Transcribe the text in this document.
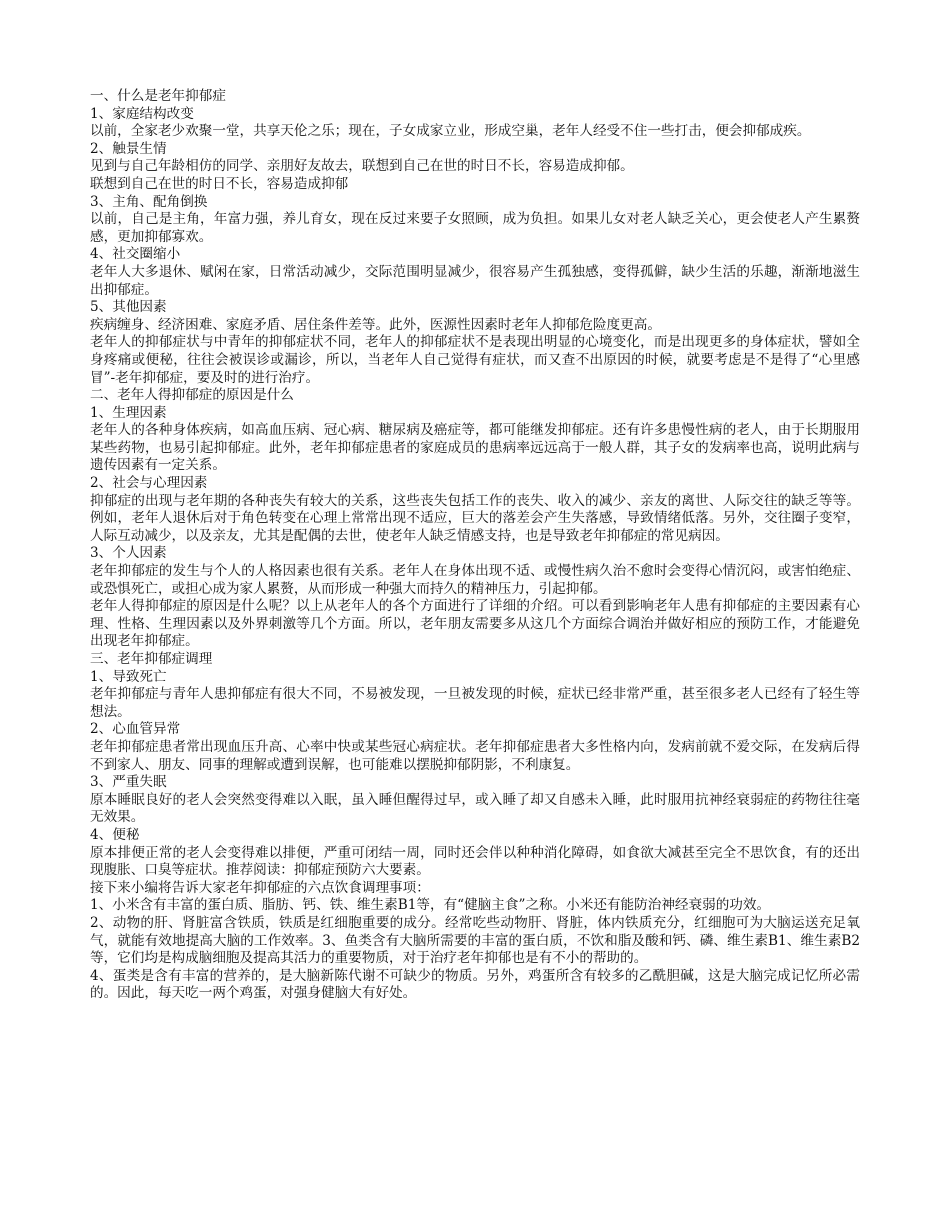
一、什么是老年抑郁症
1、家庭结构改变
以前，全家老少欢聚一堂，共享天伦之乐；现在，子女成家立业，形成空巢，老年人经受不住一些打击，便会抑郁成疾。
2、触景生情
见到与自己年龄相仿的同学、亲朋好友故去，联想到自己在世的时日不长，容易造成抑郁。
联想到自己在世的时日不长，容易造成抑郁
3、主角、配角倒换
以前，自己是主角，年富力强，养儿育女，现在反过来要子女照顾，成为负担。如果儿女对老人缺乏关心，更会使老人产生累赘感，更加抑郁寡欢。
4、社交圈缩小
老年人大多退休、赋闲在家，日常活动减少，交际范围明显减少，很容易产生孤独感，变得孤僻，缺少生活的乐趣，渐渐地滋生出抑郁症。
5、其他因素
疾病缠身、经济困难、家庭矛盾、居住条件差等。此外，医源性因素时老年人抑郁危险度更高。
老年人的抑郁症状与中青年的抑郁症状不同，老年人的抑郁症状不是表现出明显的心境变化，而是出现更多的身体症状，譬如全身疼痛或便秘，往往会被误诊或漏诊，所以，当老年人自己觉得有症状，而又查不出原因的时候，就要考虑是不是得了“心里感冒”-老年抑郁症，要及时的进行治疗。
二、老年人得抑郁症的原因是什么
1、生理因素
老年人的各种身体疾病，如高血压病、冠心病、糖尿病及癌症等，都可能继发抑郁症。还有许多患慢性病的老人，由于长期服用某些药物，也易引起抑郁症。此外，老年抑郁症患者的家庭成员的患病率远远高于一般人群，其子女的发病率也高，说明此病与遗传因素有一定关系。
2、社会与心理因素
抑郁症的出现与老年期的各种丧失有较大的关系，这些丧失包括工作的丧失、收入的减少、亲友的离世、人际交往的缺乏等等。例如，老年人退休后对于角色转变在心理上常常出现不适应，巨大的落差会产生失落感，导致情绪低落。另外，交往圈子变窄，人际互动减少，以及亲友，尤其是配偶的去世，使老年人缺乏情感支持，也是导致老年抑郁症的常见病因。
3、个人因素
老年抑郁症的发生与个人的人格因素也很有关系。老年人在身体出现不适、或慢性病久治不愈时会变得心情沉闷，或害怕绝症、或恐惧死亡，或担心成为家人累赘，从而形成一种强大而持久的精神压力，引起抑郁。
老年人得抑郁症的原因是什么呢？以上从老年人的各个方面进行了详细的介绍。可以看到影响老年人患有抑郁症的主要因素有心理、性格、生理因素以及外界刺激等几个方面。所以，老年朋友需要多从这几个方面综合调治并做好相应的预防工作，才能避免出现老年抑郁症。
三、老年抑郁症调理
1、导致死亡
老年抑郁症与青年人患抑郁症有很大不同，不易被发现，一旦被发现的时候，症状已经非常严重，甚至很多老人已经有了轻生等想法。
2、心血管异常
老年抑郁症患者常出现血压升高、心率中快或某些冠心病症状。老年抑郁症患者大多性格内向，发病前就不爱交际，在发病后得不到家人、朋友、同事的理解或遭到误解，也可能难以摆脱抑郁阴影，不利康复。
3、严重失眠
原本睡眠良好的老人会突然变得难以入眠，虽入睡但醒得过早，或入睡了却又自感未入睡，此时服用抗神经衰弱症的药物往往毫无效果。
4、便秘
原本排便正常的老人会变得难以排便，严重可闭结一周，同时还会伴以种种消化障碍，如食欲大减甚至完全不思饮食，有的还出现腹胀、口臭等症状。推荐阅读：抑郁症预防六大要素。
接下来小编将告诉大家老年抑郁症的六点饮食调理事项：
1、小米含有丰富的蛋白质、脂肪、钙、铁、维生素B1等，有“健脑主食”之称。小米还有能防治神经衰弱的功效。
2、动物的肝、肾脏富含铁质，铁质是红细胞重要的成分。经常吃些动物肝、肾脏，体内铁质充分，红细胞可为大脑运送充足氧气，就能有效地提高大脑的工作效率。3、鱼类含有大脑所需要的丰富的蛋白质，不饮和脂及酸和钙、磷、维生素B1、维生素B2等，它们均是构成脑细胞及提高其活力的重要物质，对于治疗老年抑郁也是有不小的帮助的。
4、蛋类是含有丰富的营养的，是大脑新陈代谢不可缺少的物质。另外，鸡蛋所含有较多的乙酰胆碱，这是大脑完成记忆所必需的。因此，每天吃一两个鸡蛋，对强身健脑大有好处。
